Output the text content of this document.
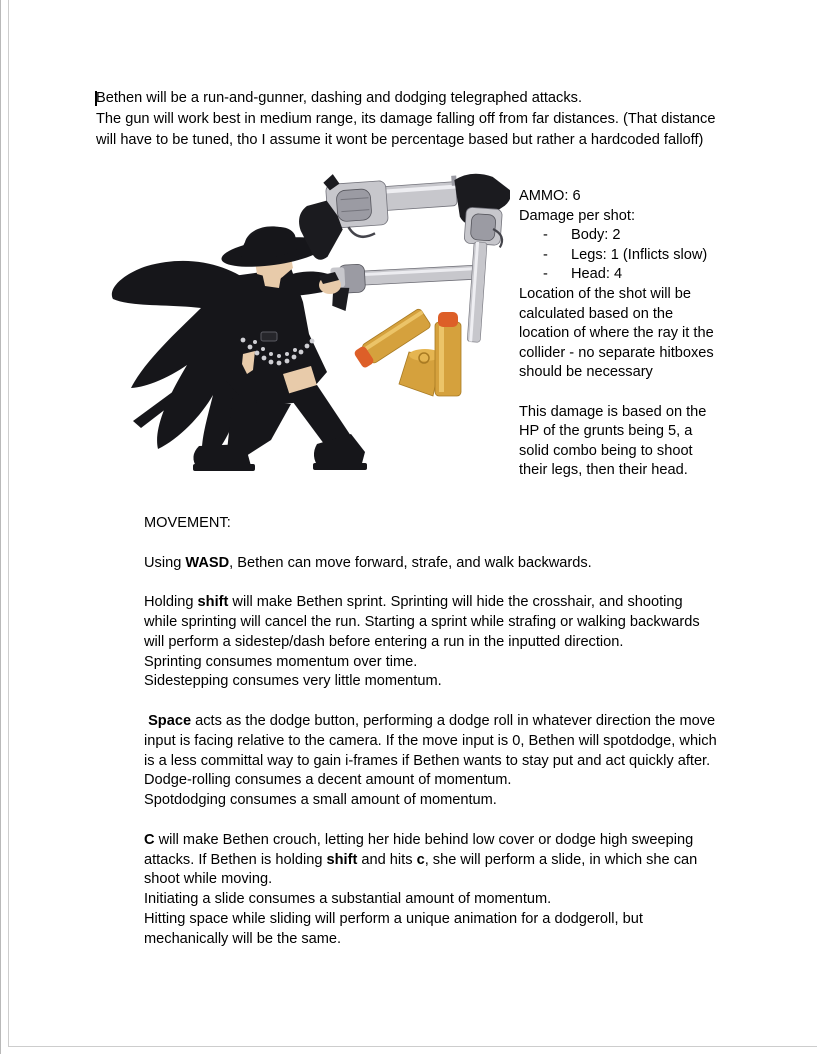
Bethen will be a run-and-gunner, dashing and dodging telegraphed attacks.
The gun will work best in medium range, its damage falling off from far distances. (That distance
will have to be tuned, tho I assume it wont be percentage based but rather a hardcoded falloff)
AMMO: 6
Damage per shot:
- Body: 2
- Legs: 1 (Inflicts slow)
- Head: 4
Location of the shot will be
calculated based on the
location of where the ray it the
collider - no separate hitboxes
should be necessary

This damage is based on the
HP of the grunts being 5, a
solid combo being to shoot
their legs, then their head.
MOVEMENT:

Using WASD, Bethen can move forward, strafe, and walk backwards.

Holding shift will make Bethen sprint. Sprinting will hide the crosshair, and shooting
while sprinting will cancel the run. Starting a sprint while strafing or walking backwards
will perform a sidestep/dash before entering a run in the inputted direction.
Sprinting consumes momentum over time.
Sidestepping consumes very little momentum.

Space acts as the dodge button, performing a dodge roll in whatever direction the move
input is facing relative to the camera. If the move input is 0, Bethen will spotdodge, which
is a less committal way to gain i-frames if Bethen wants to stay put and act quickly after.
Dodge-rolling consumes a decent amount of momentum.
Spotdodging consumes a small amount of momentum.

C will make Bethen crouch, letting her hide behind low cover or dodge high sweeping
attacks. If Bethen is holding shift and hits c, she will perform a slide, in which she can
shoot while moving.
Initiating a slide consumes a substantial amount of momentum.
Hitting space while sliding will perform a unique animation for a dodgeroll, but
mechanically will be the same.
